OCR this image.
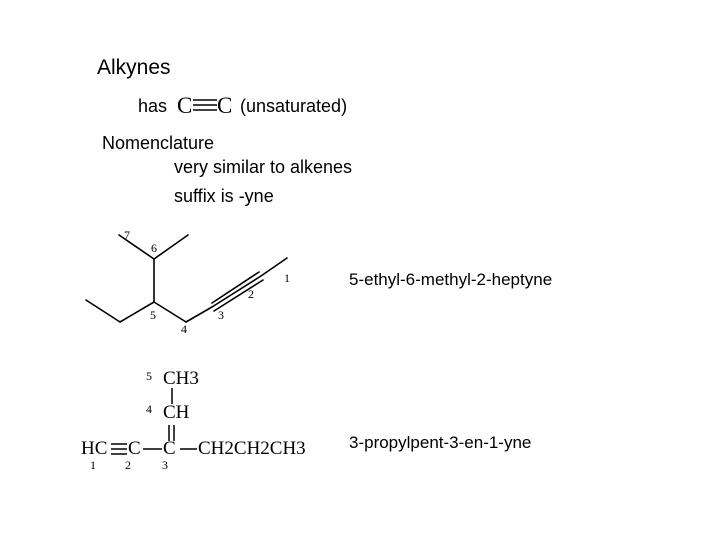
Alkynes
has C C (unsaturated)
Nomenclature
very similar to alkenes
suffix is -yne
7
6
1
2
3
5
4
5-ethyl-6-methyl-2-heptyne
5 CH3
4 CH
HC C C CH2CH2CH3
1 2	3
3-propylpent-3-en-1-yne
